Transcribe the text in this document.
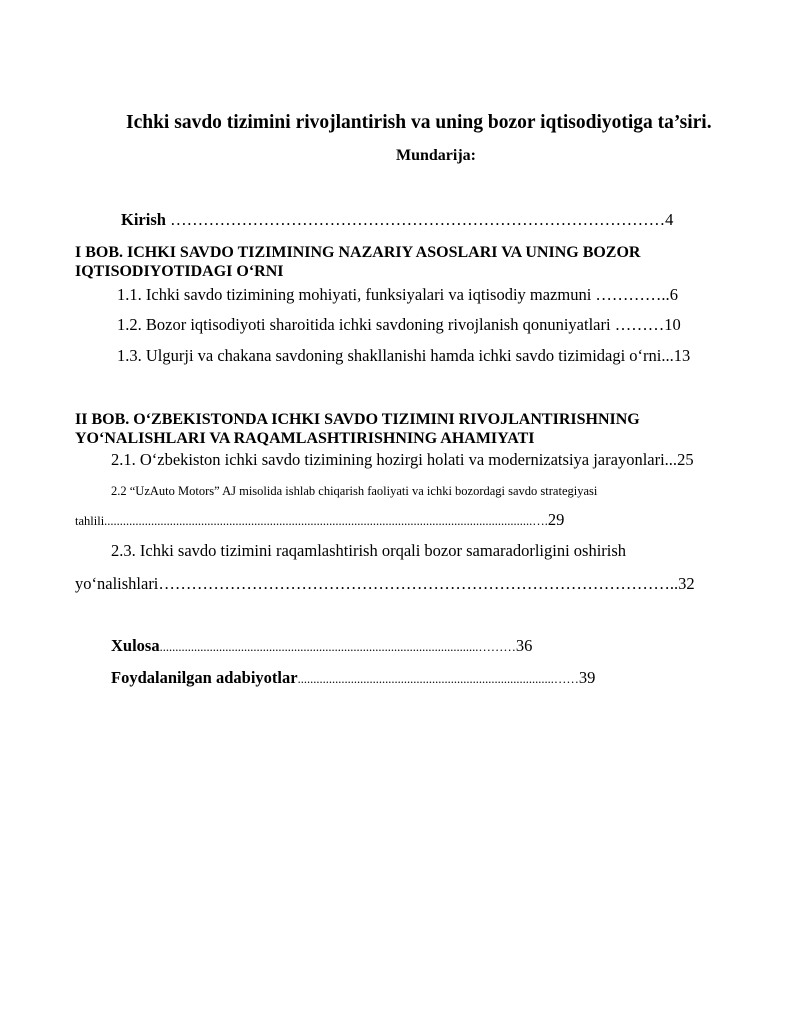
Ichki savdo tizimini rivojlantirish va uning bozor iqtisodiyotiga ta’siri.
Mundarija:
Kirish ………………………………………………………………………………4
I BOB. ICHKI SAVDO TIZIMINING NAZARIY ASOSLARI VA UNING BOZOR
IQTISODIYOTIDAGI O‘RNI
1.1. Ichki savdo tizimining mohiyati, funksiyalari va iqtisodiy mazmuni …………..6
1.2. Bozor iqtisodiyoti sharoitida ichki savdoning rivojlanish qonuniyatlari ………10
1.3. Ulgurji va chakana savdoning shakllanishi hamda ichki savdo tizimidagi o‘rni...13
II BOB. O‘ZBEKISTONDA ICHKI SAVDO TIZIMINI RIVOJLANTIRISHNING
YO‘NALISHLARI VA RAQAMLASHTIRISHNING AHAMIYATI
2.1. O‘zbekiston ichki savdo tizimining hozirgi holati va modernizatsiya jarayonlari...25
2.2 “UzAuto Motors” AJ misolida ishlab chiqarish faoliyati va ichki bozordagi savdo strategiyasi
tahlili.........................................................................................................................................….29
2.3. Ichki savdo tizimini raqamlashtirish orqali bozor samaradorligini oshirish
yo‘nalishlari…………………………………………………………………………………..32
Xulosa......................................................................................................………36
Foydalanilgan adabiyotlar..................................................................................……39
